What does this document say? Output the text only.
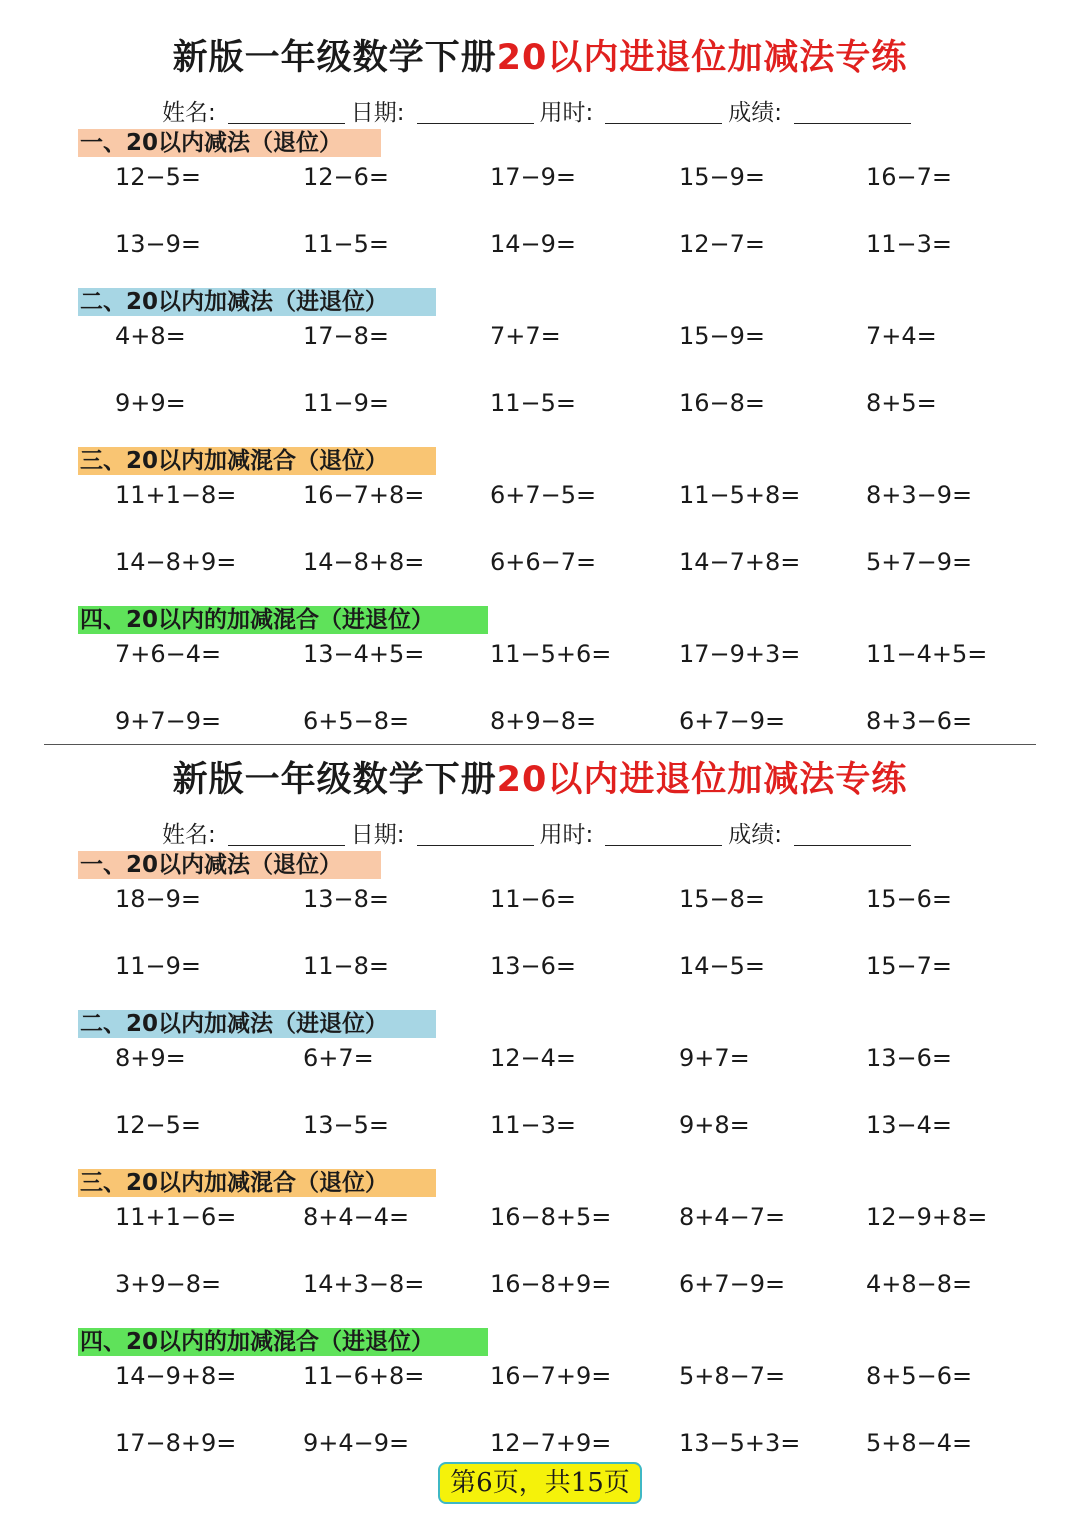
新版一年级数学下册20以内进退位加减法专练
姓名:	日期:	用时:	成绩:
一、20以内减法（退位）
12−5=	12−6=	17−9=	15−9=	16−7=
13−9=	11−5=	14−9=	12−7=	11−3=
二、20以内加减法（进退位）
4+8=	17−8=	7+7=	15−9=	7+4=
9+9=	11−9=	11−5=	16−8=	8+5=
三、20以内加减混合（退位）
11+1−8=	16−7+8=	6+7−5=	11−5+8=	8+3−9=
14−8+9=	14−8+8=	6+6−7=	14−7+8=	5+7−9=
四、20以内的加减混合（进退位）
7+6−4=	13−4+5=	11−5+6=	17−9+3=	11−4+5=
9+7−9=	6+5−8=	8+9−8=	6+7−9=	8+3−6=
新版一年级数学下册20以内进退位加减法专练
姓名:	日期:	用时:	成绩:
一、20以内减法（退位）
18−9=	13−8=	11−6=	15−8=	15−6=
11−9=	11−8=	13−6=	14−5=	15−7=
二、20以内加减法（进退位）
8+9=	6+7=	12−4=	9+7=	13−6=
12−5=	13−5=	11−3=	9+8=	13−4=
三、20以内加减混合（退位）
11+1−6=	8+4−4=	16−8+5=	8+4−7=	12−9+8=
3+9−8=	14+3−8=	16−8+9=	6+7−9=	4+8−8=
四、20以内的加减混合（进退位）
14−9+8=	11−6+8=	16−7+9=	5+8−7=	8+5−6=
17−8+9=	9+4−9=	12−7+9=	13−5+3=	5+8−4=
第6页，共15页
